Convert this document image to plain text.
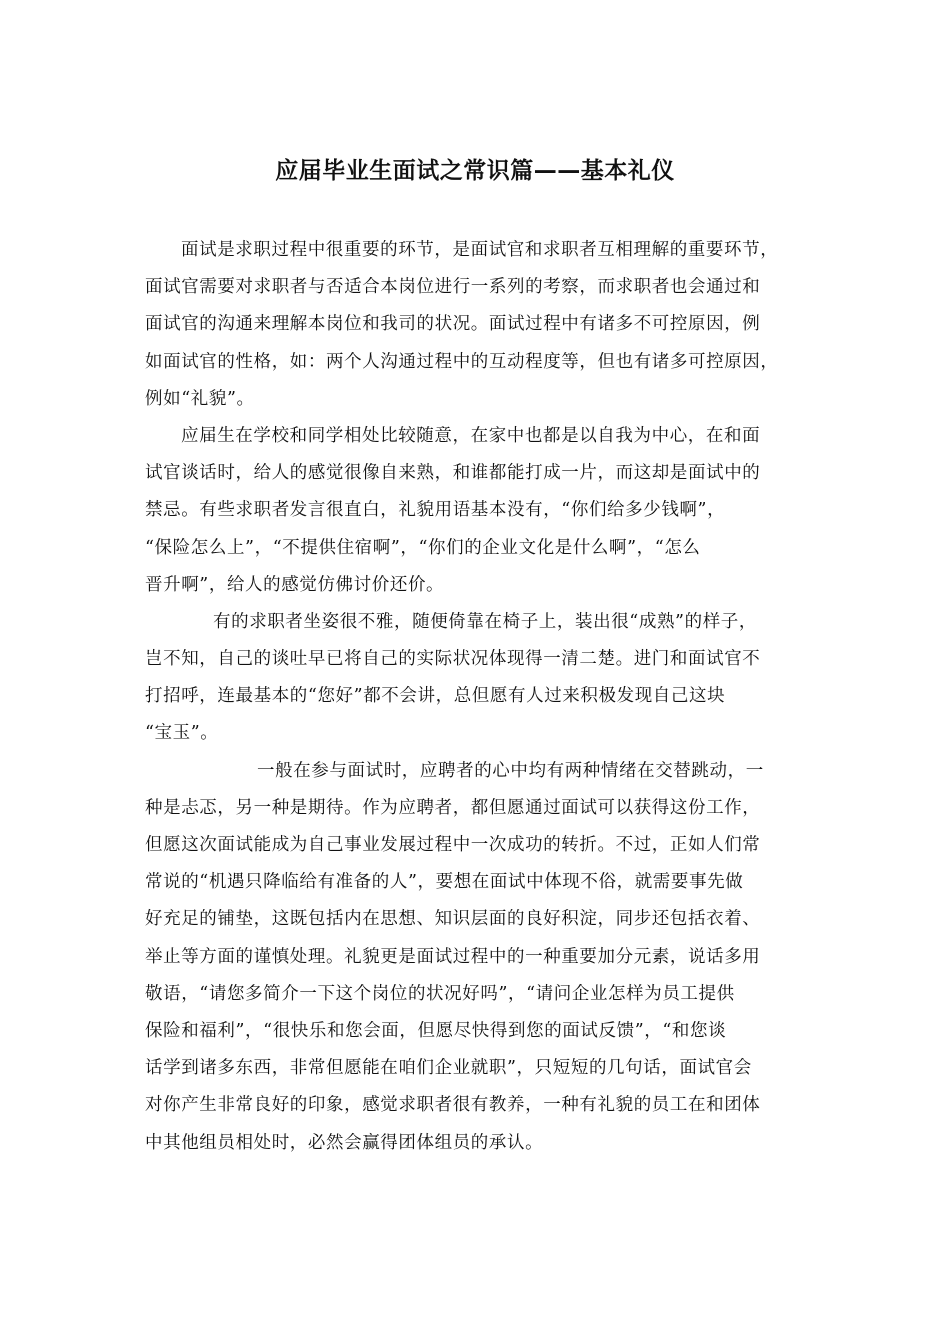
应届毕业生面试之常识篇——基本礼仪
面试是求职过程中很重要的环节，是面试官和求职者互相理解的重要环节，
面试官需要对求职者与否适合本岗位进行一系列的考察，而求职者也会通过和
面试官的沟通来理解本岗位和我司的状况。面试过程中有诸多不可控原因，例
如面试官的性格，如：两个人沟通过程中的互动程度等，但也有诸多可控原因，
例如“礼貌”。
应届生在学校和同学相处比较随意，在家中也都是以自我为中心，在和面
试官谈话时，给人的感觉很像自来熟，和谁都能打成一片，而这却是面试中的
禁忌。有些求职者发言很直白，礼貌用语基本没有，“你们给多少钱啊”，
“保险怎么上”，“不提供住宿啊”，“你们的企业文化是什么啊”，“怎么
晋升啊”，给人的感觉仿佛讨价还价。
有的求职者坐姿很不雅，随便倚靠在椅子上，装出很“成熟”的样子，
岂不知，自己的谈吐早已将自己的实际状况体现得一清二楚。进门和面试官不
打招呼，连最基本的“您好”都不会讲，总但愿有人过来积极发现自己这块
“宝玉”。
一般在参与面试时，应聘者的心中均有两种情绪在交替跳动，一
种是忐忑，另一种是期待。作为应聘者，都但愿通过面试可以获得这份工作，
但愿这次面试能成为自己事业发展过程中一次成功的转折。不过，正如人们常
常说的“机遇只降临给有准备的人”，要想在面试中体现不俗，就需要事先做
好充足的铺垫，这既包括内在思想、知识层面的良好积淀，同步还包括衣着、
举止等方面的谨慎处理。礼貌更是面试过程中的一种重要加分元素，说话多用
敬语，“请您多简介一下这个岗位的状况好吗”，“请问企业怎样为员工提供
保险和福利”，“很快乐和您会面，但愿尽快得到您的面试反馈”，“和您谈
话学到诸多东西，非常但愿能在咱们企业就职”，只短短的几句话，面试官会
对你产生非常良好的印象，感觉求职者很有教养，一种有礼貌的员工在和团体
中其他组员相处时，必然会赢得团体组员的承认。
